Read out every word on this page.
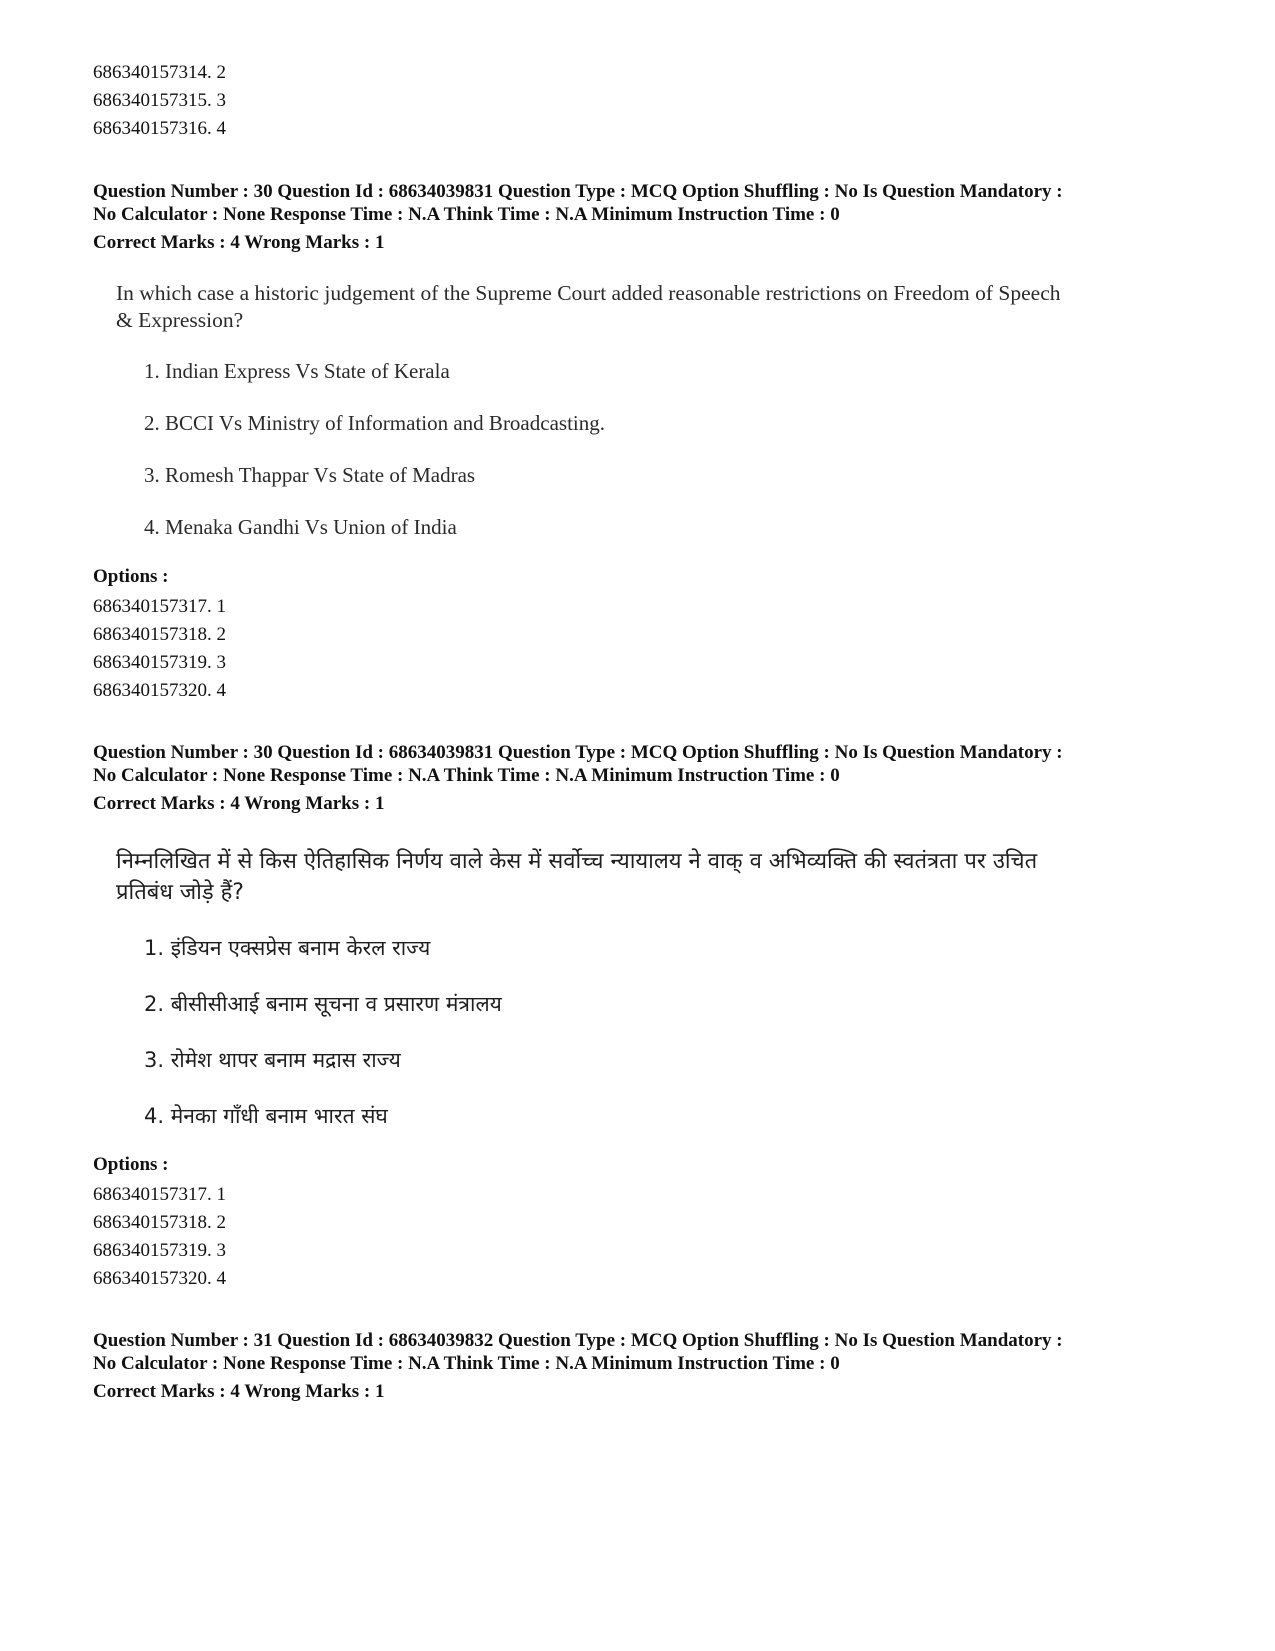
686340157314. 2
686340157315. 3
686340157316. 4
Question Number : 30 Question Id : 68634039831 Question Type : MCQ Option Shuffling : No Is Question Mandatory :
No Calculator : None Response Time : N.A Think Time : N.A Minimum Instruction Time : 0
Correct Marks : 4 Wrong Marks : 1
In which case a historic judgement of the Supreme Court added reasonable restrictions on Freedom of Speech
& Expression?
1. Indian Express Vs State of Kerala
2. BCCI Vs Ministry of Information and Broadcasting.
3. Romesh Thappar Vs State of Madras
4. Menaka Gandhi Vs Union of India
Options :
686340157317. 1
686340157318. 2
686340157319. 3
686340157320. 4
Question Number : 30 Question Id : 68634039831 Question Type : MCQ Option Shuffling : No Is Question Mandatory :
No Calculator : None Response Time : N.A Think Time : N.A Minimum Instruction Time : 0
Correct Marks : 4 Wrong Marks : 1
निम्नलिखित में से किस ऐतिहासिक निर्णय वाले केस में सर्वोच्च न्यायालय ने वाक् व अभिव्यक्ति की स्वतंत्रता पर उचित
प्रतिबंध जोड़े हैं?
1. इंडियन एक्सप्रेस बनाम केरल राज्य
2. बीसीसीआई बनाम सूचना व प्रसारण मंत्रालय
3. रोमेश थापर बनाम मद्रास राज्य
4. मेनका गाँधी बनाम भारत संघ
Options :
686340157317. 1
686340157318. 2
686340157319. 3
686340157320. 4
Question Number : 31 Question Id : 68634039832 Question Type : MCQ Option Shuffling : No Is Question Mandatory :
No Calculator : None Response Time : N.A Think Time : N.A Minimum Instruction Time : 0
Correct Marks : 4 Wrong Marks : 1
